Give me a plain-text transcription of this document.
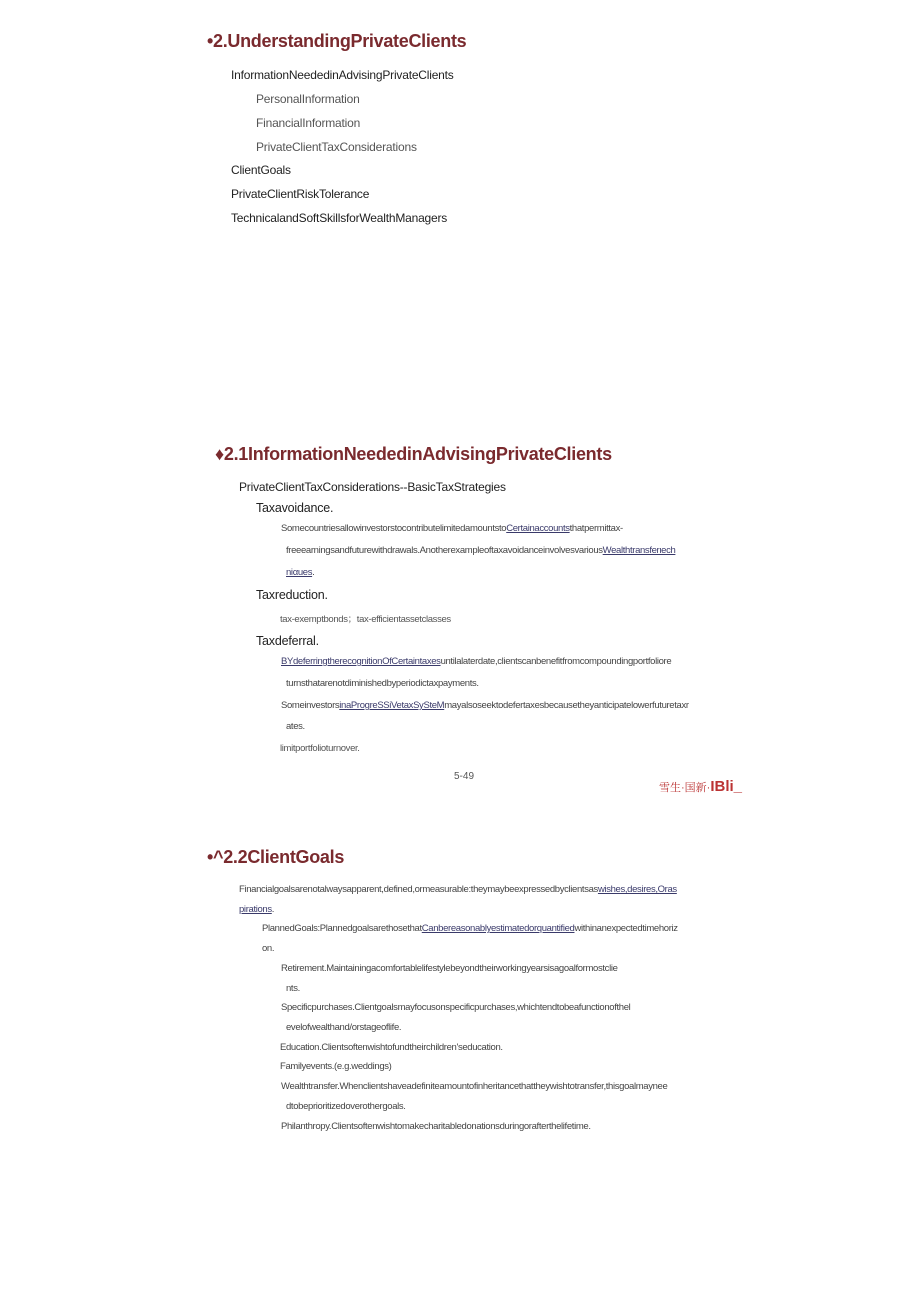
•2.UnderstandingPrivateClients
InformationNeededinAdvisingPrivateClients
PersonalInformation
FinancialInformation
PrivateClientTaxConsiderations
ClientGoals
PrivateClientRiskTolerance
TechnicalandSoftSkillsforWealthManagers
♦2.1InformationNeededinAdvisingPrivateClients
PrivateClientTaxConsiderations--BasicTaxStrategies
Taxavoidance.
SomecountriesallowinvestorstocontributelimitedamountstoCertainaccountsthatpermittax-
freeearningsandfuturewithdrawals.AnotherexampleoftaxavoidanceinvolvesvariousWealthtransferιech
niαues.
Taxreduction.
tax-exemptbonds；tax-efficientassetclasses
Taxdeferral.
BYdeferringtherecognitionOfCertaintaxesuntilalaterdate,clientscanbenefitfromcompoundingportfoliore
turnsthatarenotdiminishedbyperiodictaxpayments.
SomeinvestorsinaProgreSSiVetaxSySteMmayalsoseektodefertaxesbecausetheyanticipatelowerfuturetaxr
ates.
limitportfolioturnover.
5-49
雪生·国新·IBli_
•^2.2ClientGoals
Financialgoalsarenotalwaysapparent,defined,ormeasurable:theymaybeexpressedbyclientsaswishes,desires,Oras
pirations.
PlannedGoals:PlannedgoalsarethosethatCanbereasonablyestimatedorquantifiedwithinanexpectedtimehoriz
on.
Retirement.Maintainingacomfortablelifestylebeyondtheirworkingyearsisagoalformostclie
nts.
Specificpurchases.Clientgoalsmayfocusonspecificpurchases,whichtendtobeafunctionofthel
evelofwealthand/orstageoflife.
Education.Clientsoftenwishtofundtheirchildren'seducation.
Familyevents.(e.g.weddings)
Wealthtransfer.Whenclientshaveadefiniteamountofinheritancethattheywishtotransfer,thisgoalmaynee
dtobeprioritizedoverothergoals.
Philanthropy.Clientsoftenwishtomakecharitabledonationsduringorafterthelifetime.
